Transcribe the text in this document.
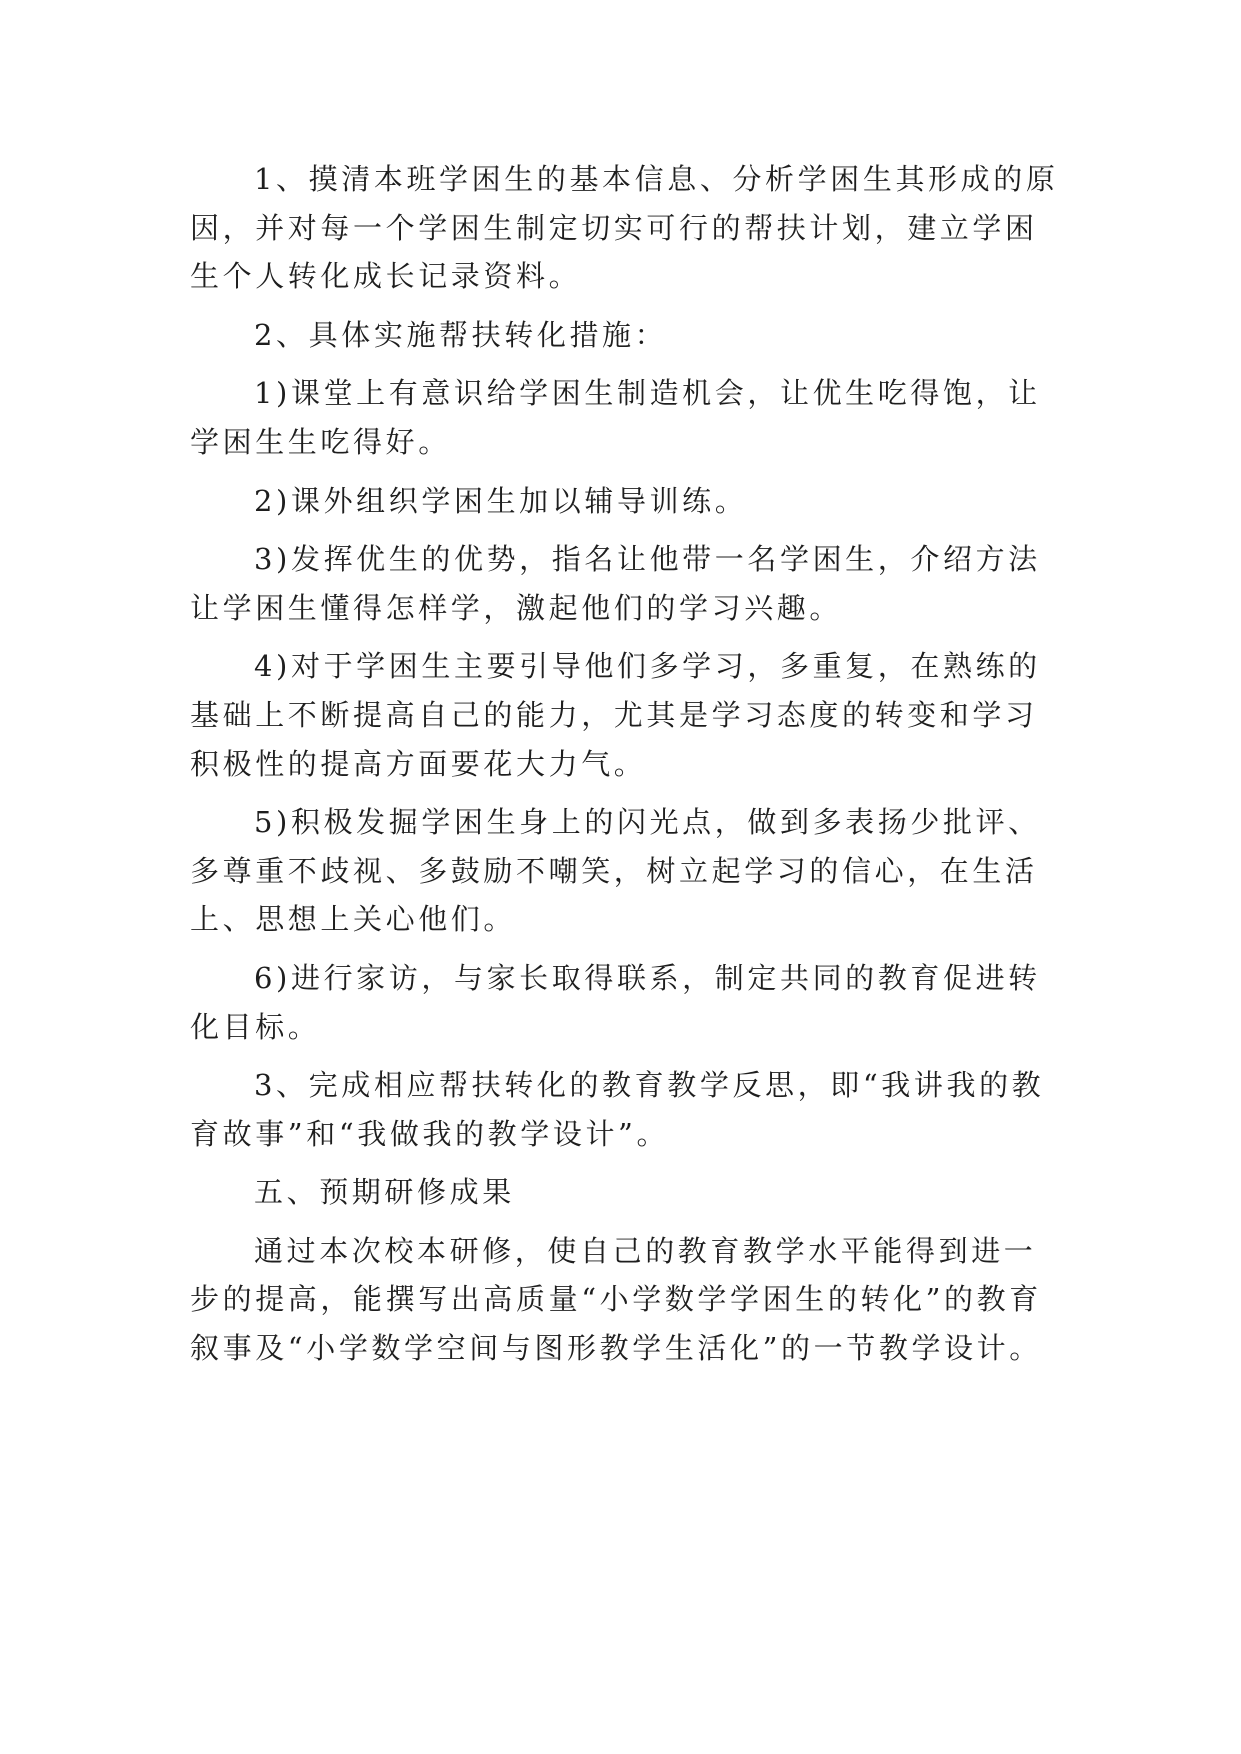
1、摸清本班学困生的基本信息、分析学困生其形成的原因，并对每一个学困生制定切实可行的帮扶计划，建立学困生个人转化成长记录资料。

2、具体实施帮扶转化措施：

1)课堂上有意识给学困生制造机会，让优生吃得饱，让学困生生吃得好。

2)课外组织学困生加以辅导训练。

3)发挥优生的优势，指名让他带一名学困生，介绍方法让学困生懂得怎样学，激起他们的学习兴趣。

4)对于学困生主要引导他们多学习，多重复，在熟练的基础上不断提高自己的能力，尤其是学习态度的转变和学习积极性的提高方面要花大力气。

5)积极发掘学困生身上的闪光点，做到多表扬少批评、多尊重不歧视、多鼓励不嘲笑，树立起学习的信心，在生活上、思想上关心他们。

6)进行家访，与家长取得联系，制定共同的教育促进转化目标。

3、完成相应帮扶转化的教育教学反思，即“我讲我的教育故事”和“我做我的教学设计”。

五、预期研修成果

通过本次校本研修，使自己的教育教学水平能得到进一步的提高，能撰写出高质量“小学数学学困生的转化”的教育叙事及“小学数学空间与图形教学生活化”的一节教学设计。
